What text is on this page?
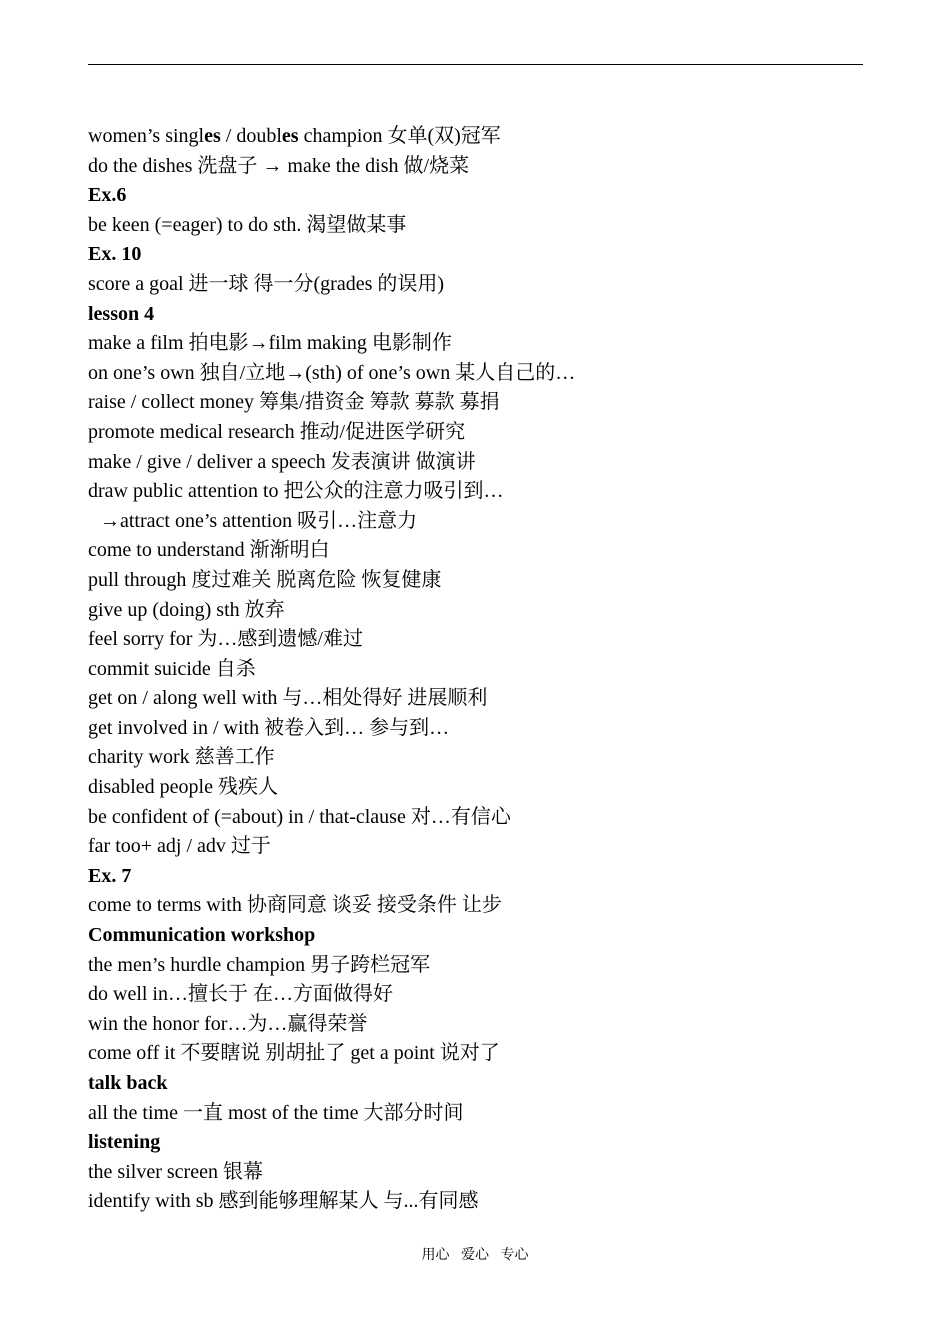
women’s singles / doubles champion 女单(双)冠军
do the dishes 洗盘子 → make the dish 做/烧菜
Ex.6
be keen (=eager) to do sth. 渴望做某事
Ex. 10
score a goal 进一球 得一分(grades 的误用)
lesson 4
make a film 拍电影→film making 电影制作
on one’s own 独自/立地→(sth) of one’s own 某人自己的…
raise / collect money 筹集/措资金 筹款 募款 募捐
promote medical research 推动/促进医学研究
make / give / deliver a speech 发表演讲 做演讲
draw public attention to 把公众的注意力吸引到…
→attract one’s attention 吸引…注意力
come to understand 渐渐明白
pull through 度过难关 脱离危险 恢复健康
give up (doing) sth 放弃
feel sorry for 为…感到遗憾/难过
commit suicide 自杀
get on / along well with 与…相处得好 进展顺利
get involved in / with 被卷入到… 参与到…
charity work 慈善工作
disabled people 残疾人
be confident of (=about) in / that-clause 对…有信心
far too+ adj / adv 过于
Ex. 7
come to terms with 协商同意 谈妥 接受条件 让步
Communication workshop
the men’s hurdle champion 男子跨栏冠军
do well in…擅长于 在…方面做得好
win the honor for…为…赢得荣誉
come off it 不要瞎说 别胡扯了 get a point 说对了
talk back
all the time 一直 most of the time 大部分时间
listening
the silver screen 银幕
identify with sb 感到能够理解某人 与...有同感
用心 爱心 专心
